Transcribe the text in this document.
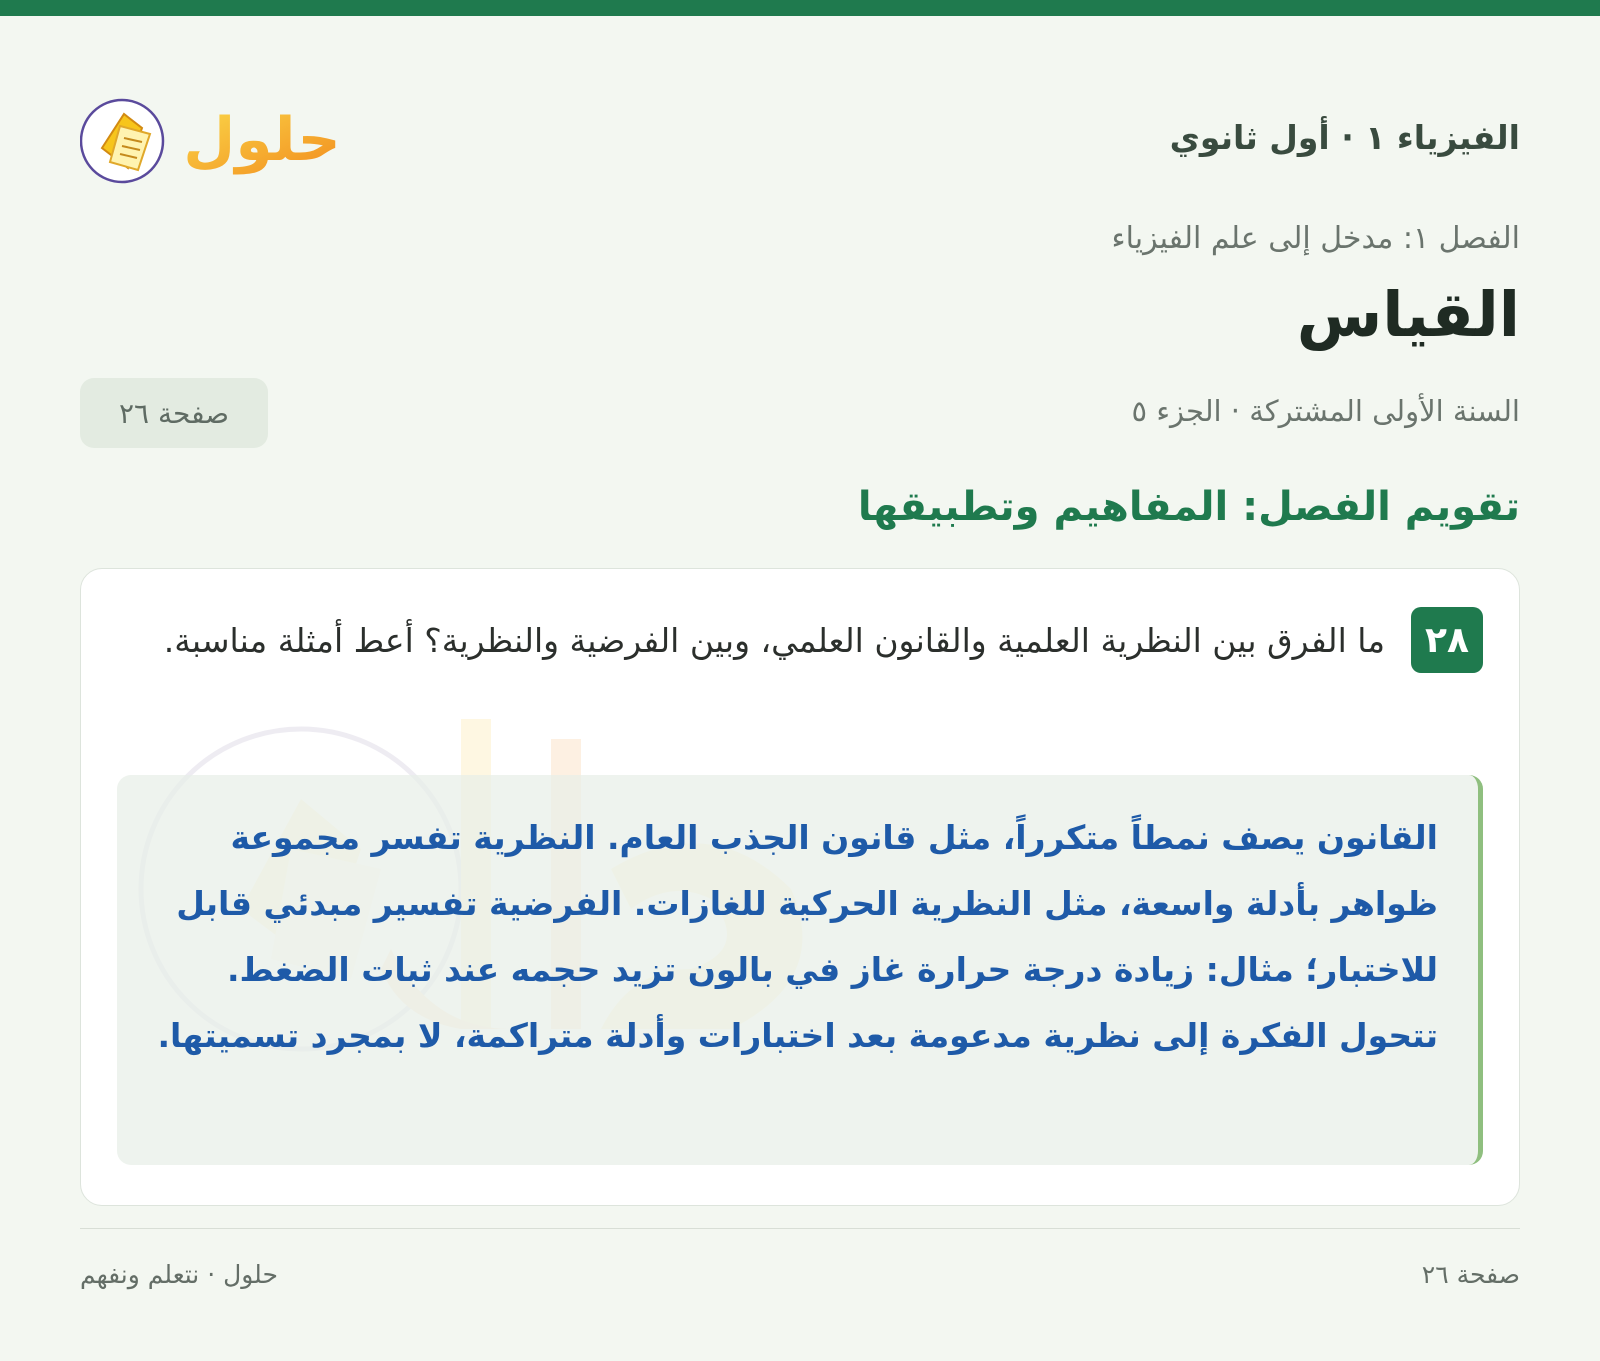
الفيزياء ١ · أول ثانوي
حلول
الفصل ١: مدخل إلى علم الفيزياء
القياس
السنة الأولى المشتركة · الجزء ٥
صفحة ٢٦
تقويم الفصل: المفاهيم وتطبيقها
٢٨
ما الفرق بين النظرية العلمية والقانون العلمي، وبين الفرضية والنظرية؟ أعط أمثلة مناسبة.
القانون يصف نمطاً متكرراً، مثل قانون الجذب العام. النظرية تفسر مجموعة ظواهر بأدلة واسعة، مثل النظرية الحركية للغازات. الفرضية تفسير مبدئي قابل للاختبار؛ مثال: زيادة درجة حرارة غاز في بالون تزيد حجمه عند ثبات الضغط. تتحول الفكرة إلى نظرية مدعومة بعد اختبارات وأدلة متراكمة، لا بمجرد تسميتها.
صفحة ٢٦
حلول · نتعلم ونفهم
